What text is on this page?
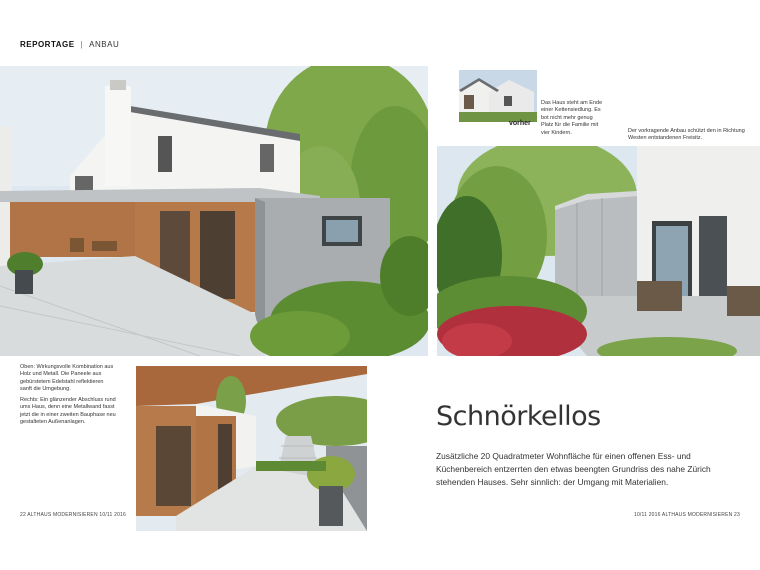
REPORTAGE | ANBAU
vorher
Das Haus steht am Ende einer Kettensiedlung. Es bot nicht mehr genug Platz für die Familie mit vier Kindern.	Der vorkragende Anbau schützt den in Richtung Westen entstandenen Freisitz.
Oben: Wirkungsvolle Kombination aus Holz und Metall. Die Paneele aus gebürstetem Edelstahl reflektieren sanft die Umgebung.
Rechts: Ein glänzender Abschluss rund ums Haus, denn eine Metallwand fasst jetzt die in einer zweiten Bauphase neu gestalteten Außenanlagen.	Schnörkellos
Zusätzliche 20 Quadratmeter Wohnfläche für einen offenen Ess- und Küchenbereich entzerrten den etwas beengten Grundriss des nahe Zürich stehenden Hauses. Sehr sinnlich: der Umgang mit Materialien.
22 ALTHAUS MODERNISIEREN 10/11 2016	10/11 2016 ALTHAUS MODERNISIEREN 23
